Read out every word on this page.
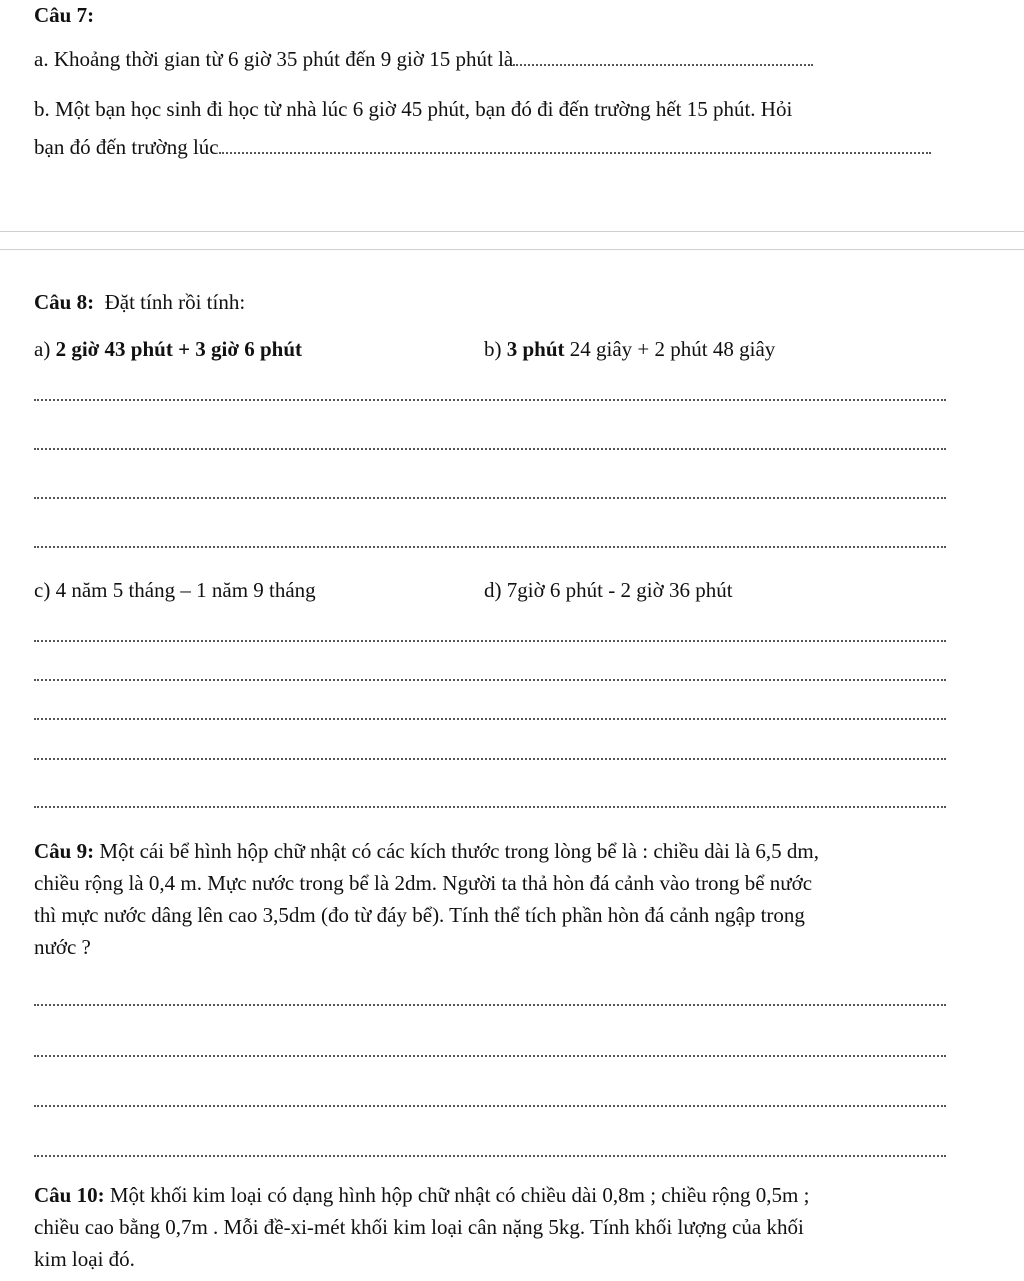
Câu 7:
a. Khoảng thời gian từ 6 giờ 35 phút đến 9 giờ 15 phút là
b. Một bạn học sinh đi học từ nhà lúc 6 giờ 45 phút, bạn đó đi đến trường hết 15 phút. Hỏi
bạn đó đến trường lúc
Câu 8: Đặt tính rồi tính:
a) 2 giờ 43 phút + 3 giờ 6 phút	b) 3 phút 24 giây + 2 phút 48 giây
c) 4 năm 5 tháng – 1 năm 9 tháng	d) 7giờ 6 phút - 2 giờ 36 phút
Câu 9: Một cái bể hình hộp chữ nhật có các kích thước trong lòng bể là : chiều dài là 6,5 dm,
chiều rộng là 0,4 m. Mực nước trong bể là 2dm. Người ta thả hòn đá cảnh vào trong bể nước
thì mực nước dâng lên cao 3,5dm (đo từ đáy bể). Tính thể tích phần hòn đá cảnh ngập trong
nước ?
Câu 10: Một khối kim loại có dạng hình hộp chữ nhật có chiều dài 0,8m ; chiều rộng 0,5m ;
chiều cao bằng 0,7m . Mỗi đề-xi-mét khối kim loại cân nặng 5kg. Tính khối lượng của khối
kim loại đó.
